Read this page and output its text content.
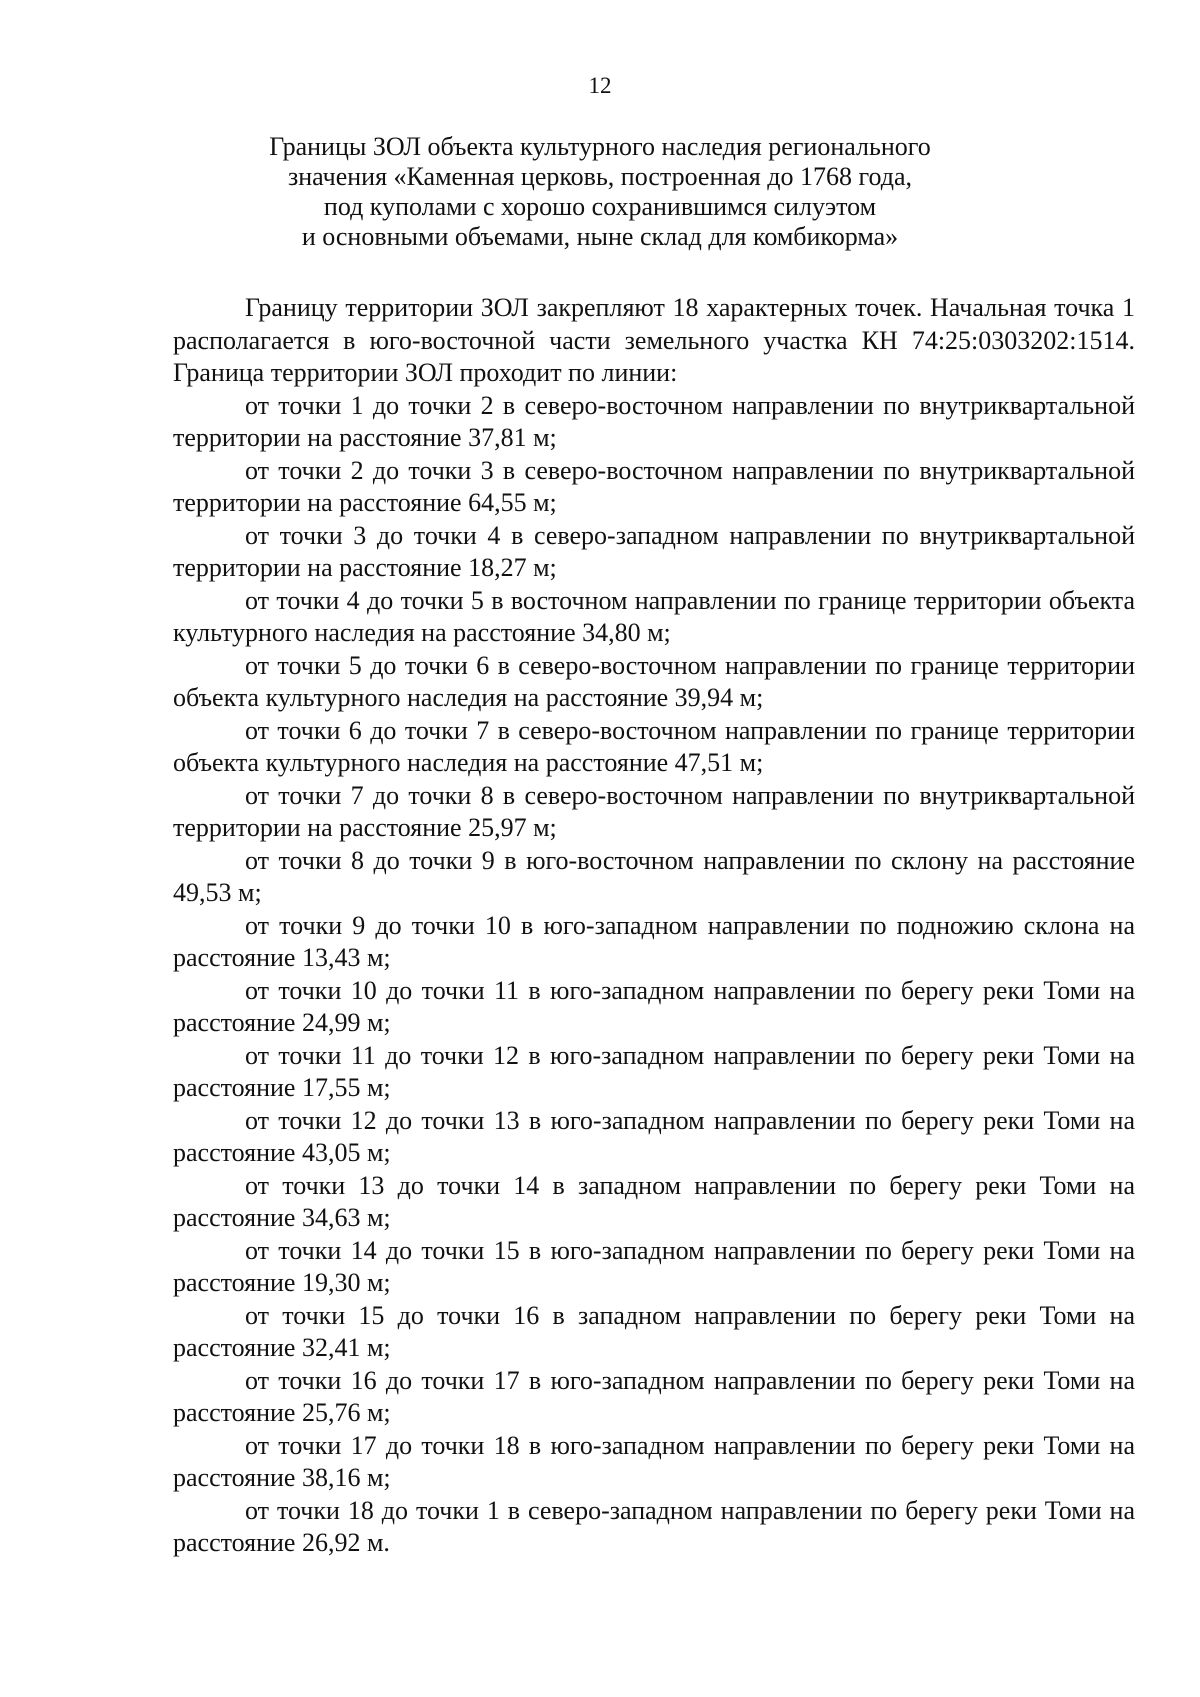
12
Границы ЗОЛ объекта культурного наследия регионального
значения «Каменная церковь, построенная до 1768 года,
под куполами с хорошо сохранившимся силуэтом
и основными объемами, ныне склад для комбикорма»

Границу территории ЗОЛ закрепляют 18 характерных точек. Начальная точка 1 располагается в юго-восточной части земельного участка КН 74:25:0303202:1514. Граница территории ЗОЛ проходит по линии:

от точки 1 до точки 2 в северо-восточном направлении по внутриквартальной территории на расстояние 37,81 м;

от точки 2 до точки 3 в северо-восточном направлении по внутриквартальной территории на расстояние 64,55 м;

от точки 3 до точки 4 в северо-западном направлении по внутриквартальной территории на расстояние 18,27 м;

от точки 4 до точки 5 в восточном направлении по границе территории объекта культурного наследия на расстояние 34,80 м;

от точки 5 до точки 6 в северо-восточном направлении по границе территории объекта культурного наследия на расстояние 39,94 м;

от точки 6 до точки 7 в северо-восточном направлении по границе территории объекта культурного наследия на расстояние 47,51 м;

от точки 7 до точки 8 в северо-восточном направлении по внутриквартальной территории на расстояние 25,97 м;

от точки 8 до точки 9 в юго-восточном направлении по склону на расстояние 49,53 м;

от точки 9 до точки 10 в юго-западном направлении по подножию склона на расстояние 13,43 м;

от точки 10 до точки 11 в юго-западном направлении по берегу реки Томи на расстояние 24,99 м;

от точки 11 до точки 12 в юго-западном направлении по берегу реки Томи на расстояние 17,55 м;

от точки 12 до точки 13 в юго-западном направлении по берегу реки Томи на расстояние 43,05 м;

от точки 13 до точки 14 в западном направлении по берегу реки Томи на расстояние 34,63 м;

от точки 14 до точки 15 в юго-западном направлении по берегу реки Томи на расстояние 19,30 м;

от точки 15 до точки 16 в западном направлении по берегу реки Томи на расстояние 32,41 м;

от точки 16 до точки 17 в юго-западном направлении по берегу реки Томи на расстояние 25,76 м;

от точки 17 до точки 18 в юго-западном направлении по берегу реки Томи на расстояние 38,16 м;

от точки 18 до точки 1 в северо-западном направлении по берегу реки Томи на расстояние 26,92 м.
